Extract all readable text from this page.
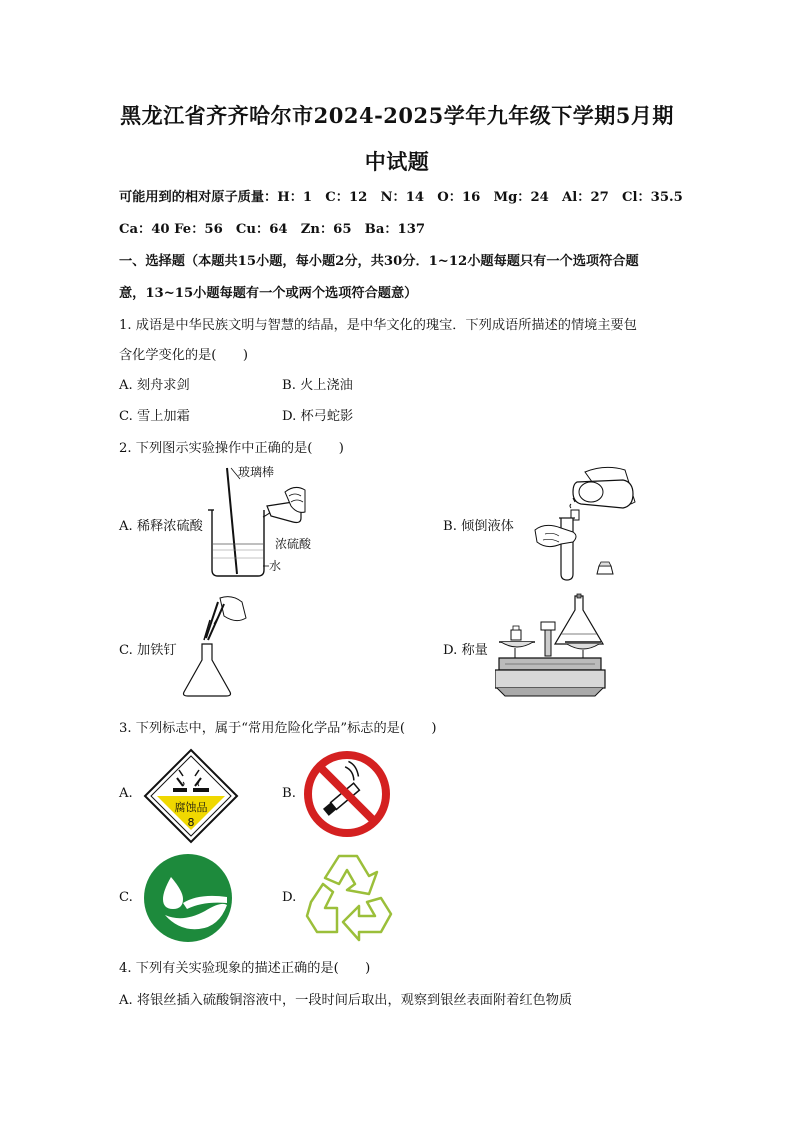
黑龙江省齐齐哈尔市2024-2025学年九年级下学期5月期
中试题
可能用到的相对原子质量：H：1　C：12　N：14　O：16　Mg：24　Al：27　Cl：35.5
Ca：40 Fe：56　Cu：64　Zn：65　Ba：137
一、选择题（本题共15小题，每小题2分，共30分．1~12小题每题只有一个选项符合题
意，13~15小题每题有一个或两个选项符合题意）
1. 成语是中华民族文明与智慧的结晶，是中华文化的瑰宝．下列成语所描述的情境主要包
含化学变化的是(　　)
A. 刻舟求剑	B. 火上浇油
C. 雪上加霜	D. 杯弓蛇影
2. 下列图示实验操作中正确的是(　　)
A. 稀释浓硫酸
玻璃棒
浓硫酸
水
B. 倾倒液体
C. 加铁钉	D. 称量
3. 下列标志中，属于“常用危险化学品”标志的是(　　)
A.
腐蚀品
8
B.
C.	D.
4. 下列有关实验现象的描述正确的是(　　)
A. 将银丝插入硫酸铜溶液中，一段时间后取出，观察到银丝表面附着红色物质
